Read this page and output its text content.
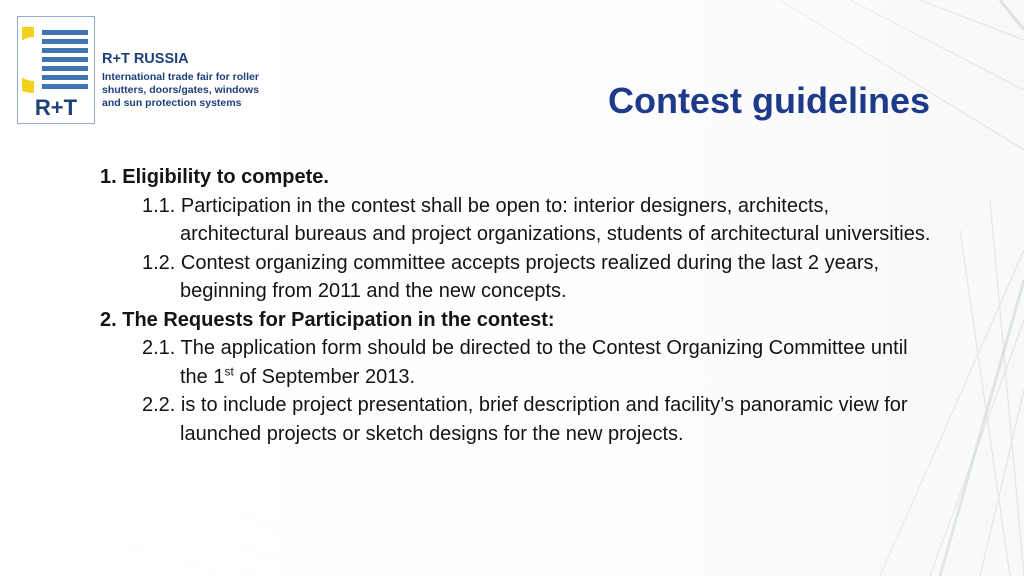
R+T
R+T RUSSIA
International trade fair for roller
shutters, doors/gates, windows
and sun protection systems	Contest guidelines
1. Eligibility to compete.
1.1. Participation in the contest shall be open to: interior designers, architects, architectural bureaus and project organizations, students of architectural universities.
1.2. Contest organizing committee accepts projects realized during the last 2 years, beginning from 2011 and the new concepts.
2. The Requests for Participation in the contest:
2.1. The application form should be directed to the Contest Organizing Committee until the 1st of September 2013.
2.2. is to include project presentation, brief description and facility’s panoramic view for launched projects or sketch designs for the new projects.
